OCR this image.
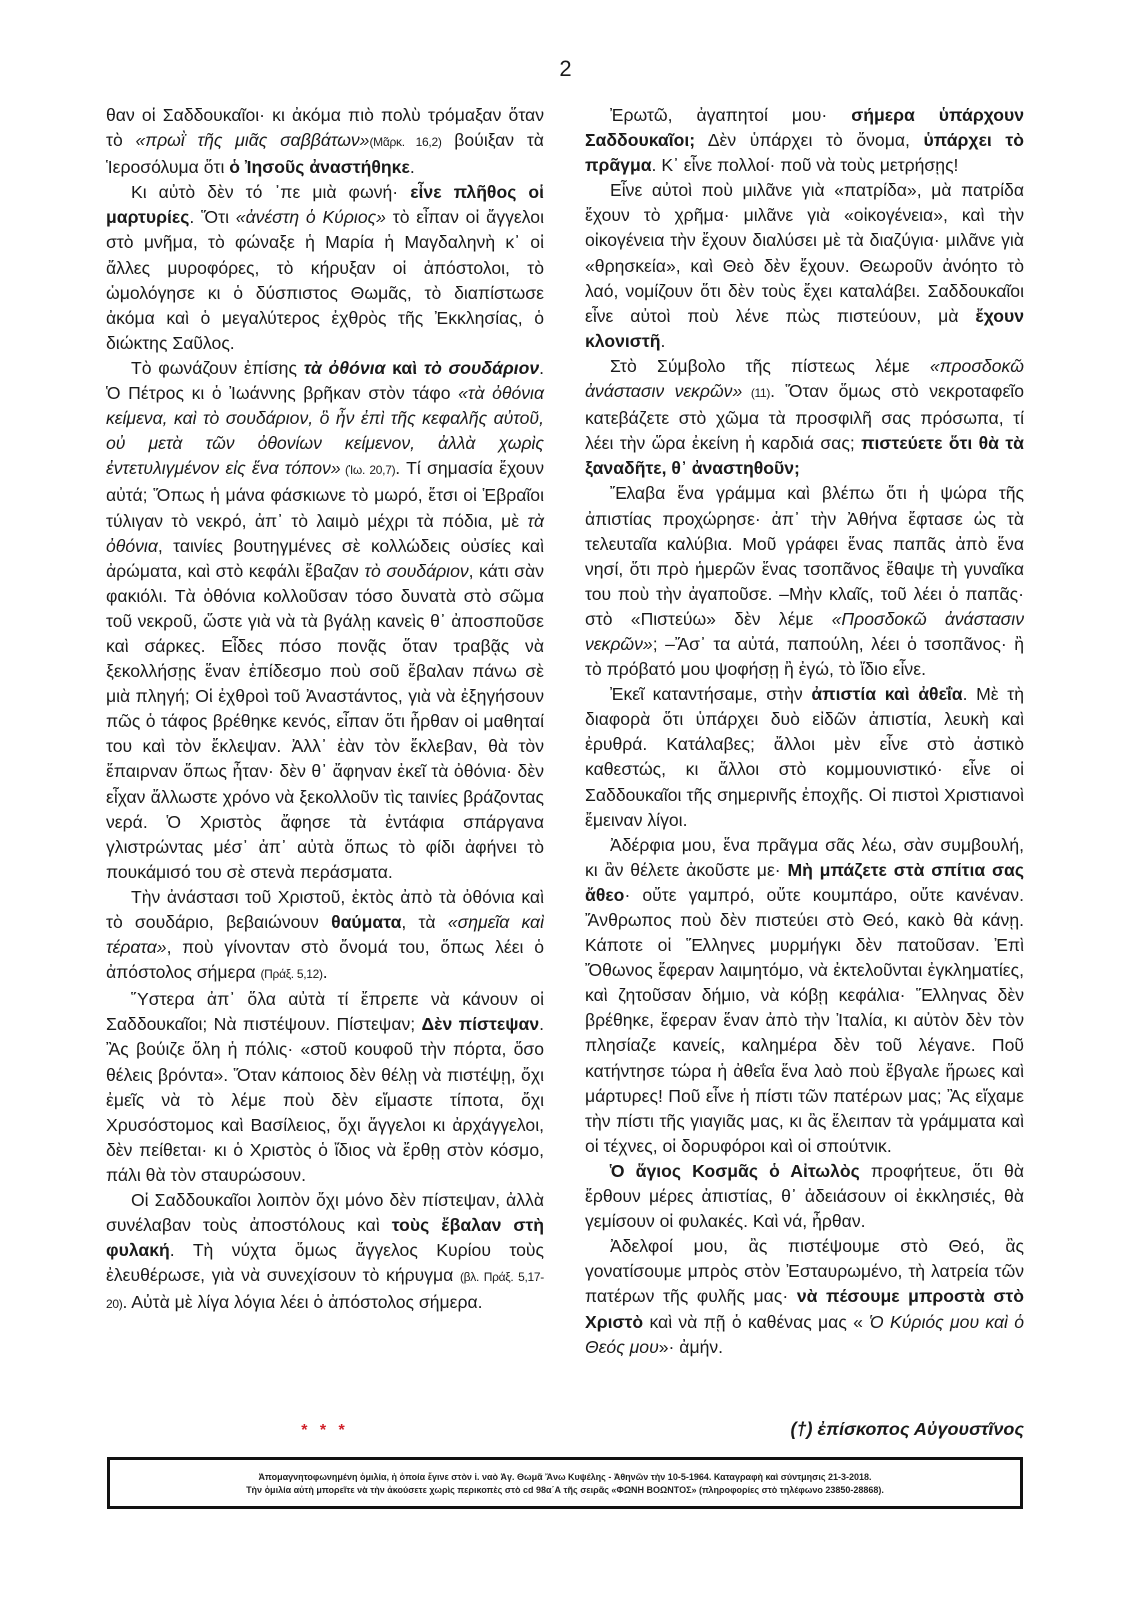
2

θαν οἱ Σαδδουκαῖοι· κι ἀκόμα πιὸ πολὺ τρόμαξαν ὅταν τὸ «πρωῒ τῆς μιᾶς σαββάτων»(Μᾶρκ. 16,2) βούιξαν τὰ Ἱεροσόλυμα ὅτι ὁ Ἰησοῦς ἀναστήθηκε.

Κι αὐτὸ δὲν τό ᾿πε μιὰ φωνή· εἶνε πλῆθος οἱ μαρτυρίες. Ὅτι «ἀνέστη ὁ Κύριος» τὸ εἶπαν οἱ ἄγγελοι στὸ μνῆμα, τὸ φώναξε ἡ Μαρία ἡ Μαγδαληνὴ κ᾿ οἱ ἄλλες μυροφόρες, τὸ κήρυξαν οἱ ἀπόστολοι, τὸ ὡμολόγησε κι ὁ δύσπιστος Θωμᾶς, τὸ διαπίστωσε ἀκόμα καὶ ὁ μεγαλύτερος ἐχθρὸς τῆς Ἐκκλησίας, ὁ διώκτης Σαῦλος.

Τὸ φωνάζουν ἐπίσης τὰ ὀθόνια καὶ τὸ σουδάριον. Ὁ Πέτρος κι ὁ Ἰωάννης βρῆκαν στὸν τάφο «τὰ ὀθόνια κείμενα, καὶ τὸ σουδάριον, ὃ ἦν ἐπὶ τῆς κεφαλῆς αὐτοῦ, οὐ μετὰ τῶν ὀθονίων κείμενον, ἀλλὰ χωρὶς ἐντετυλιγμένον εἰς ἕνα τόπον» (Ἰω. 20,7). Τί σημασία ἔχουν αὐτά; Ὅπως ἡ μάνα φάσκιωνε τὸ μωρό, ἔτσι οἱ Ἑβραῖοι τύλιγαν τὸ νεκρό, ἀπ᾿ τὸ λαιμὸ μέχρι τὰ πόδια, μὲ τὰ ὀθόνια, ταινίες βουτηγμένες σὲ κολλώδεις οὐσίες καὶ ἀρώματα, καὶ στὸ κεφάλι ἔβαζαν τὸ σουδάριον, κάτι σὰν φακιόλι. Τὰ ὀθόνια κολλοῦσαν τόσο δυνατὰ στὸ σῶμα τοῦ νεκροῦ, ὥστε γιὰ νὰ τὰ βγάλῃ κανεὶς θ᾿ ἀποσποῦσε καὶ σάρκες. Εἶδες πόσο πονᾷς ὅταν τραβᾷς νὰ ξεκολλήσῃς ἕναν ἐπίδεσμο ποὺ σοῦ ἔβαλαν πάνω σὲ μιὰ πληγή; Οἱ ἐχθροὶ τοῦ Ἀναστάντος, γιὰ νὰ ἐξηγήσουν πῶς ὁ τάφος βρέθηκε κενός, εἶπαν ὅτι ἦρθαν οἱ μαθηταί του καὶ τὸν ἔκλεψαν. Ἀλλ᾿ ἐὰν τὸν ἔκλεβαν, θὰ τὸν ἔπαιρναν ὅπως ἦταν· δὲν θ᾿ ἄφηναν ἐκεῖ τὰ ὀθόνια· δὲν εἶχαν ἄλλωστε χρόνο νὰ ξεκολλοῦν τὶς ταινίες βράζοντας νερά. Ὁ Χριστὸς ἄφησε τὰ ἐντάφια σπάργανα γλιστρώντας μέσ᾿ ἀπ᾿ αὐτὰ ὅπως τὸ φίδι ἀφήνει τὸ πουκάμισό του σὲ στενὰ περάσματα.

Τὴν ἀνάστασι τοῦ Χριστοῦ, ἐκτὸς ἀπὸ τὰ ὀθόνια καὶ τὸ σουδάριο, βεβαιώνουν θαύματα, τὰ «σημεῖα καὶ τέρατα», ποὺ γίνονταν στὸ ὄνομά του, ὅπως λέει ὁ ἀπόστολος σήμερα (Πράξ. 5,12).

Ὕστερα ἀπ᾿ ὅλα αὐτὰ τί ἔπρεπε νὰ κάνουν οἱ Σαδδουκαῖοι; Νὰ πιστέψουν. Πίστεψαν; Δὲν πίστεψαν. Ἂς βούιζε ὅλη ἡ πόλις· «στοῦ κουφοῦ τὴν πόρτα, ὅσο θέλεις βρόντα». Ὅταν κάποιος δὲν θέλῃ νὰ πιστέψῃ, ὄχι ἐμεῖς νὰ τὸ λέμε ποὺ δὲν εἴμαστε τίποτα, ὄχι Χρυσόστομος καὶ Βασίλειος, ὄχι ἄγγελοι κι ἀρχάγγελοι, δὲν πείθεται· κι ὁ Χριστὸς ὁ ἴδιος νὰ ἔρθῃ στὸν κόσμο, πάλι θὰ τὸν σταυρώσουν.

Οἱ Σαδδουκαῖοι λοιπὸν ὄχι μόνο δὲν πίστεψαν, ἀλλὰ συνέλαβαν τοὺς ἀποστόλους καὶ τοὺς ἔβαλαν στὴ φυλακή. Τὴ νύχτα ὅμως ἄγγελος Κυρίου τοὺς ἐλευθέρωσε, γιὰ νὰ συνεχίσουν τὸ κήρυγμα (βλ. Πράξ. 5,17-20). Αὐτὰ μὲ λίγα λόγια λέει ὁ ἀπόστολος σήμερα.

Ἐρωτῶ, ἀγαπητοί μου· σήμερα ὑπάρχουν Σαδδουκαῖοι; Δὲν ὑπάρχει τὸ ὄνομα, ὑπάρχει τὸ πρᾶγμα. Κ᾿ εἶνε πολλοί· ποῦ νὰ τοὺς μετρήσῃς!

Εἶνε αὐτοὶ ποὺ μιλᾶνε γιὰ «πατρίδα», μὰ πατρίδα ἔχουν τὸ χρῆμα· μιλᾶνε γιὰ «οἰκογένεια», καὶ τὴν οἰκογένεια τὴν ἔχουν διαλύσει μὲ τὰ διαζύγια· μιλᾶνε γιὰ «θρησκεία», καὶ Θεὸ δὲν ἔχουν. Θεωροῦν ἀνόητο τὸ λαό, νομίζουν ὅτι δὲν τοὺς ἔχει καταλάβει. Σαδδουκαῖοι εἶνε αὐτοὶ ποὺ λένε πὼς πιστεύουν, μὰ ἔχουν κλονιστῆ.

Στὸ Σύμβολο τῆς πίστεως λέμε «προσδοκῶ ἀνάστασιν νεκρῶν» (11). Ὅταν ὅμως στὸ νεκροταφεῖο κατεβάζετε στὸ χῶμα τὰ προσφιλῆ σας πρόσωπα, τί λέει τὴν ὥρα ἐκείνη ἡ καρδιά σας; πιστεύετε ὅτι θὰ τὰ ξαναδῆτε, θ᾿ ἀναστηθοῦν;

Ἔλαβα ἕνα γράμμα καὶ βλέπω ὅτι ἡ ψώρα τῆς ἀπιστίας προχώρησε· ἀπ᾿ τὴν Ἀθήνα ἔφτασε ὡς τὰ τελευταῖα καλύβια. Μοῦ γράφει ἕνας παπᾶς ἀπὸ ἕνα νησί, ὅτι πρὸ ἡμερῶν ἕνας τσοπᾶνος ἔθαψε τὴ γυναῖκα του ποὺ τὴν ἀγαποῦσε. –Μὴν κλαῖς, τοῦ λέει ὁ παπᾶς· στὸ «Πιστεύω» δὲν λέμε «Προσδοκῶ ἀνάστασιν νεκρῶν»; –Ἄσ᾿ τα αὐτά, παπούλη, λέει ὁ τσοπᾶνος· ἢ τὸ πρόβατό μου ψοφήσῃ ἢ ἐγώ, τὸ ἴδιο εἶνε.

Ἐκεῖ καταντήσαμε, στὴν ἀπιστία καὶ ἀθεΐα. Μὲ τὴ διαφορὰ ὅτι ὑπάρχει δυὸ εἰδῶν ἀπιστία, λευκὴ καὶ ἐρυθρά. Κατάλαβες; ἄλλοι μὲν εἶνε στὸ ἀστικὸ καθεστώς, κι ἄλλοι στὸ κομμουνιστικό· εἶνε οἱ Σαδδουκαῖοι τῆς σημερινῆς ἐποχῆς. Οἱ πιστοὶ Χριστιανοὶ ἔμειναν λίγοι.

Ἀδέρφια μου, ἕνα πρᾶγμα σᾶς λέω, σὰν συμβουλή, κι ἂν θέλετε ἀκοῦστε με· Μὴ μπάζετε στὰ σπίτια σας ἄθεο· οὔτε γαμπρό, οὔτε κουμπάρο, οὔτε κανέναν. Ἄνθρωπος ποὺ δὲν πιστεύει στὸ Θεό, κακὸ θὰ κάνῃ. Κάποτε οἱ Ἕλληνες μυρμήγκι δὲν πατοῦσαν. Ἐπὶ Ὄθωνος ἔφεραν λαιμητόμο, νὰ ἐκτελοῦνται ἐγκληματίες, καὶ ζητοῦσαν δήμιο, νὰ κόβῃ κεφάλια· Ἕλληνας δὲν βρέθηκε, ἔφεραν ἕναν ἀπὸ τὴν Ἰταλία, κι αὐτὸν δὲν τὸν πλησίαζε κανείς, καλημέρα δὲν τοῦ λέγανε. Ποῦ κατήντησε τώρα ἡ ἀθεΐα ἕνα λαὸ ποὺ ἔβγαλε ἥρωες καὶ μάρτυρες! Ποῦ εἶνε ἡ πίστι τῶν πατέρων μας; Ἂς εἴχαμε τὴν πίστι τῆς γιαγιᾶς μας, κι ἂς ἔλειπαν τὰ γράμματα καὶ οἱ τέχνες, οἱ δορυφόροι καὶ οἱ σπούτνικ.

Ὁ ἅγιος Κοσμᾶς ὁ Αἰτωλὸς προφήτευε, ὅτι θὰ ἔρθουν μέρες ἀπιστίας, θ᾿ ἀδειάσουν οἱ ἐκκλησιές, θὰ γεμίσουν οἱ φυλακές. Καὶ νά, ἦρθαν.

Ἀδελφοί μου, ἂς πιστέψουμε στὸ Θεό, ἂς γονατίσουμε μπρὸς στὸν Ἐσταυρωμένο, τὴ λατρεία τῶν πατέρων τῆς φυλῆς μας· νὰ πέσουμε μπροστὰ στὸ Χριστὸ καὶ νὰ πῇ ὁ καθένας μας « Ὁ Κύριός μου καὶ ὁ Θεός μου»· ἀμήν.

* * *	(†) ἐπίσκοπος Αὐγουστῖνος
Ἀπομαγνητοφωνημένη ὁμιλία, ἡ ὁποία ἔγινε στὸν ἱ. ναὸ Ἁγ. Θωμᾶ Ἄνω Κυψέλης - Ἀθηνῶν τὴν 10-5-1964. Καταγραφὴ καὶ σύντμησις 21-3-2018.
Τὴν ὁμιλία αὐτὴ μπορεῖτε νὰ τὴν ἀκούσετε χωρὶς περικοπὲς στὸ cd 98α΄Α τῆς σειρᾶς «ΦΩΝΗ ΒΟΩΝΤΟΣ» (πληροφορίες στὸ τηλέφωνο 23850-28868).
